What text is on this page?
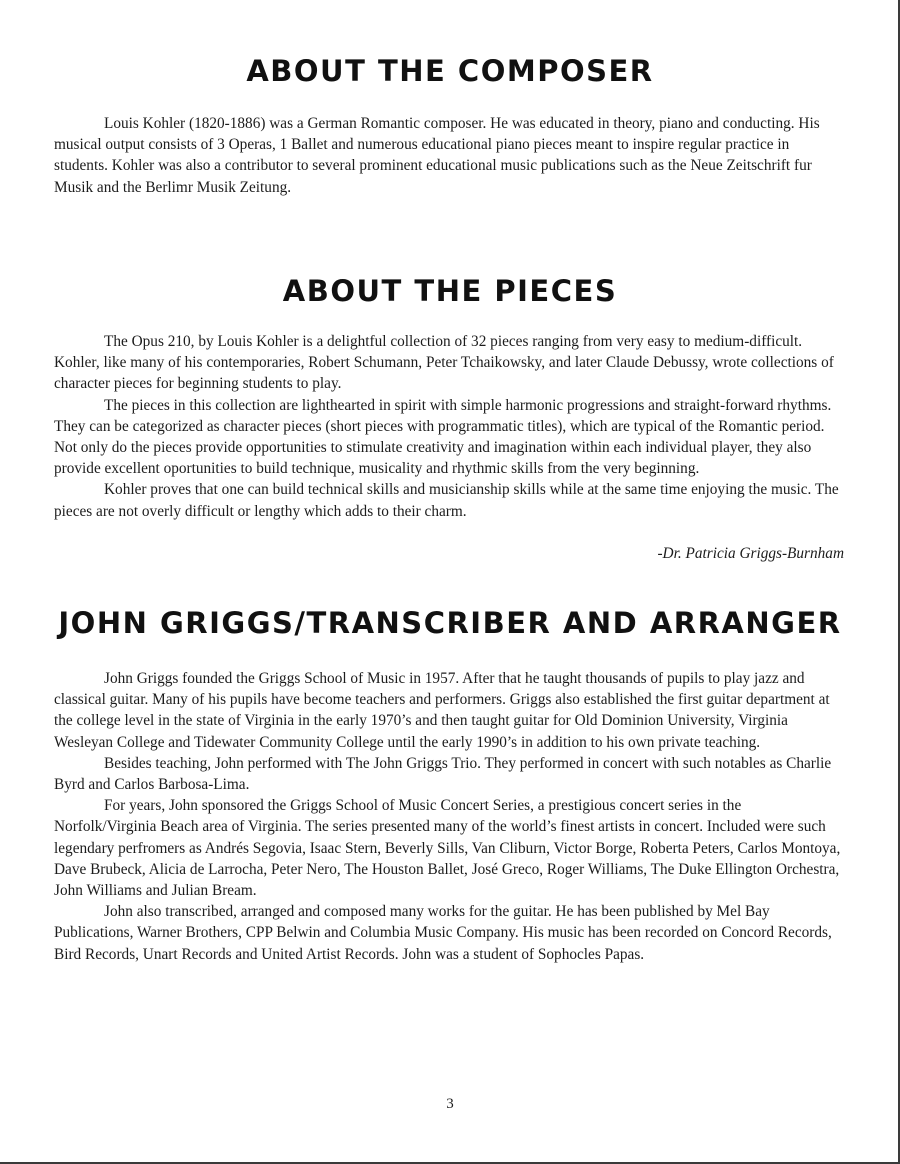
ABOUT THE COMPOSER

Louis Kohler (1820-1886) was a German Romantic composer. He was educated in theory, piano and conducting. His musical output consists of 3 Operas, 1 Ballet and numerous educational piano pieces meant to inspire regular practice in students. Kohler was also a contributor to several prominent educational music publications such as the Neue Zeitschrift fur Musik and the Berlimr Musik Zeitung.

ABOUT THE PIECES

The Opus 210, by Louis Kohler is a delightful collection of 32 pieces ranging from very easy to medium-difficult. Kohler, like many of his contemporaries, Robert Schumann, Peter Tchaikowsky, and later Claude Debussy, wrote collections of character pieces for beginning students to play.

The pieces in this collection are lighthearted in spirit with simple harmonic progressions and straight-forward rhythms. They can be categorized as character pieces (short pieces with programmatic titles), which are typical of the Romantic period. Not only do the pieces provide opportunities to stimulate creativity and imagination within each individual player, they also provide excellent oportunities to build technique, musicality and rhythmic skills from the very beginning.

Kohler proves that one can build technical skills and musicianship skills while at the same time enjoying the music. The pieces are not overly difficult or lengthy which adds to their charm.

-Dr. Patricia Griggs-Burnham
JOHN GRIGGS/TRANSCRIBER AND ARRANGER

John Griggs founded the Griggs School of Music in 1957. After that he taught thousands of pupils to play jazz and classical guitar. Many of his pupils have become teachers and performers. Griggs also established the first guitar department at the college level in the state of Virginia in the early 1970’s and then taught guitar for Old Dominion University, Virginia Wesleyan College and Tidewater Community College until the early 1990’s in addition to his own private teaching.

Besides teaching, John performed with The John Griggs Trio. They performed in concert with such notables as Charlie Byrd and Carlos Barbosa-Lima.

For years, John sponsored the Griggs School of Music Concert Series, a prestigious concert series in the Norfolk/Virginia Beach area of Virginia. The series presented many of the world’s finest artists in concert. Included were such legendary perfromers as Andrés Segovia, Isaac Stern, Beverly Sills, Van Cliburn, Victor Borge, Roberta Peters, Carlos Montoya, Dave Brubeck, Alicia de Larrocha, Peter Nero, The Houston Ballet, José Greco, Roger Williams, The Duke Ellington Orchestra, John Williams and Julian Bream.

John also transcribed, arranged and composed many works for the guitar. He has been published by Mel Bay Publications, Warner Brothers, CPP Belwin and Columbia Music Company. His music has been recorded on Concord Records, Bird Records, Unart Records and United Artist Records. John was a student of Sophocles Papas.

3
